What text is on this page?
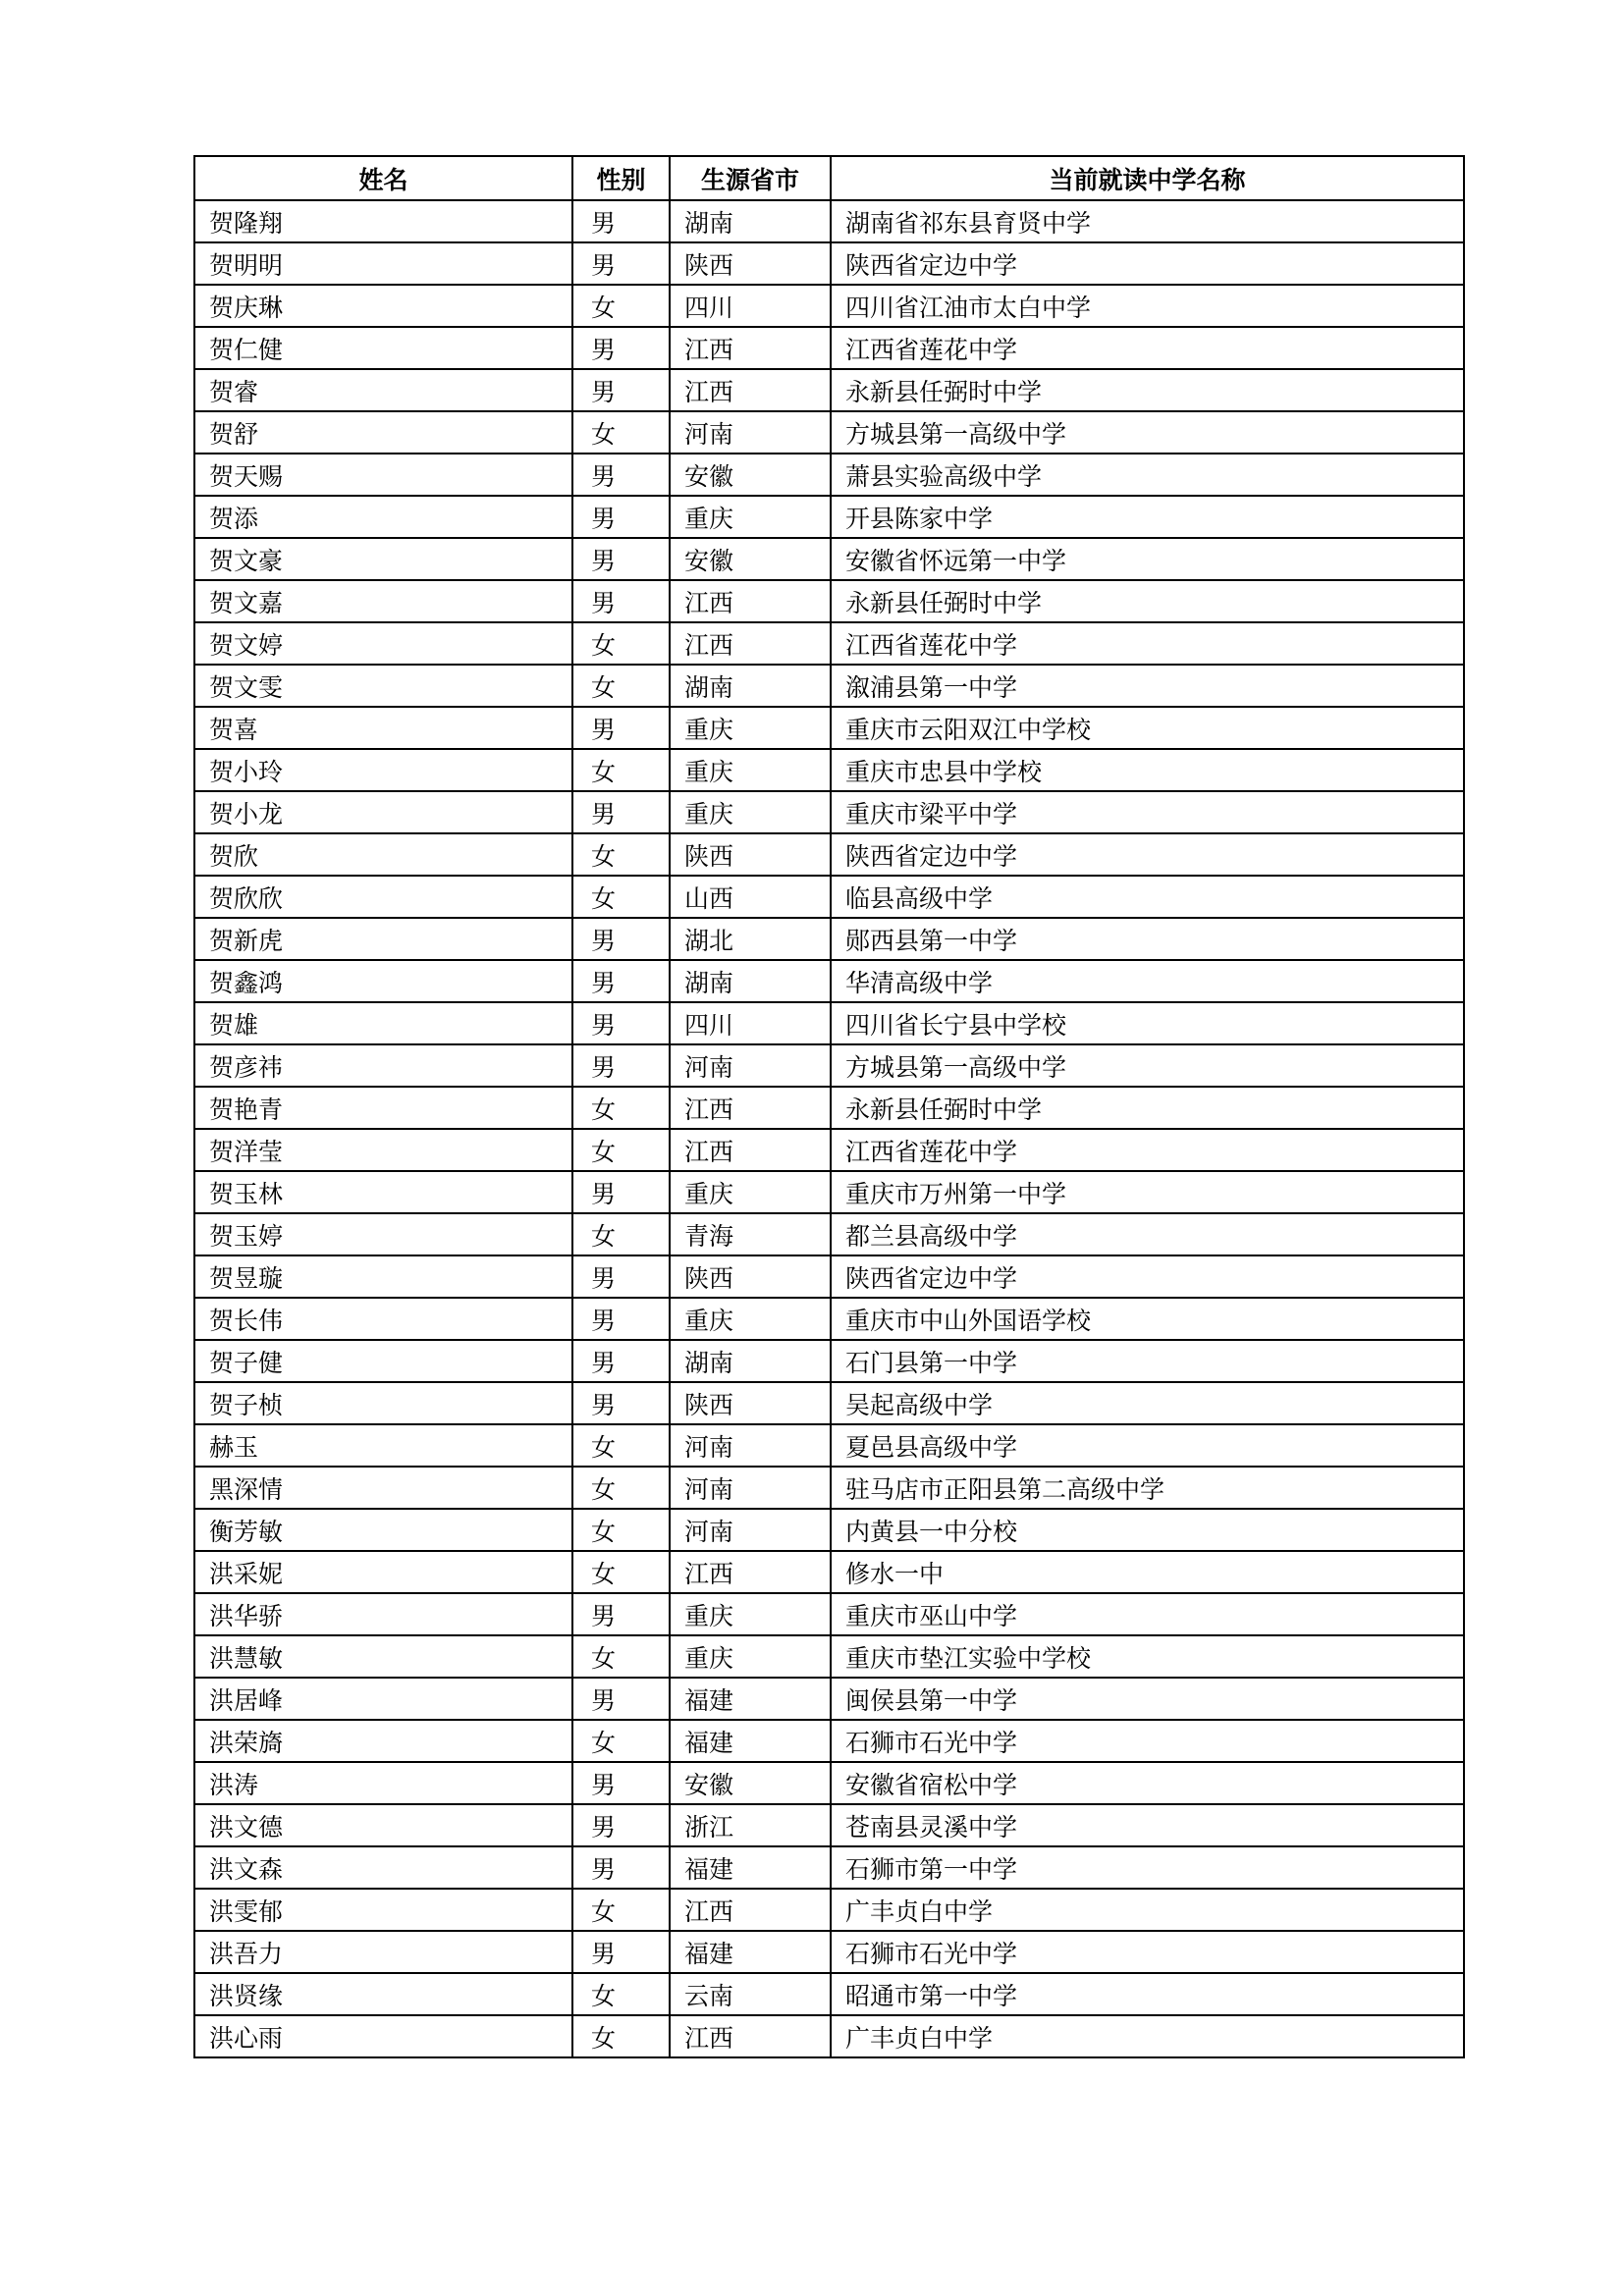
姓名	性别	生源省市	当前就读中学名称
贺隆翔	男	湖南	湖南省祁东县育贤中学
贺明明	男	陕西	陕西省定边中学
贺庆琳	女	四川	四川省江油市太白中学
贺仁健	男	江西	江西省莲花中学
贺睿	男	江西	永新县任弼时中学
贺舒	女	河南	方城县第一高级中学
贺天赐	男	安徽	萧县实验高级中学
贺添	男	重庆	开县陈家中学
贺文豪	男	安徽	安徽省怀远第一中学
贺文嘉	男	江西	永新县任弼时中学
贺文婷	女	江西	江西省莲花中学
贺文雯	女	湖南	溆浦县第一中学
贺喜	男	重庆	重庆市云阳双江中学校
贺小玲	女	重庆	重庆市忠县中学校
贺小龙	男	重庆	重庆市梁平中学
贺欣	女	陕西	陕西省定边中学
贺欣欣	女	山西	临县高级中学
贺新虎	男	湖北	郧西县第一中学
贺鑫鸿	男	湖南	华清高级中学
贺雄	男	四川	四川省长宁县中学校
贺彦祎	男	河南	方城县第一高级中学
贺艳青	女	江西	永新县任弼时中学
贺洋莹	女	江西	江西省莲花中学
贺玉林	男	重庆	重庆市万州第一中学
贺玉婷	女	青海	都兰县高级中学
贺昱璇	男	陕西	陕西省定边中学
贺长伟	男	重庆	重庆市中山外国语学校
贺子健	男	湖南	石门县第一中学
贺子桢	男	陕西	吴起高级中学
赫玉	女	河南	夏邑县高级中学
黑深情	女	河南	驻马店市正阳县第二高级中学
衡芳敏	女	河南	内黄县一中分校
洪采妮	女	江西	修水一中
洪华骄	男	重庆	重庆市巫山中学
洪慧敏	女	重庆	重庆市垫江实验中学校
洪居峰	男	福建	闽侯县第一中学
洪荣旖	女	福建	石狮市石光中学
洪涛	男	安徽	安徽省宿松中学
洪文德	男	浙江	苍南县灵溪中学
洪文森	男	福建	石狮市第一中学
洪雯郁	女	江西	广丰贞白中学
洪吾力	男	福建	石狮市石光中学
洪贤缘	女	云南	昭通市第一中学
洪心雨	女	江西	广丰贞白中学
